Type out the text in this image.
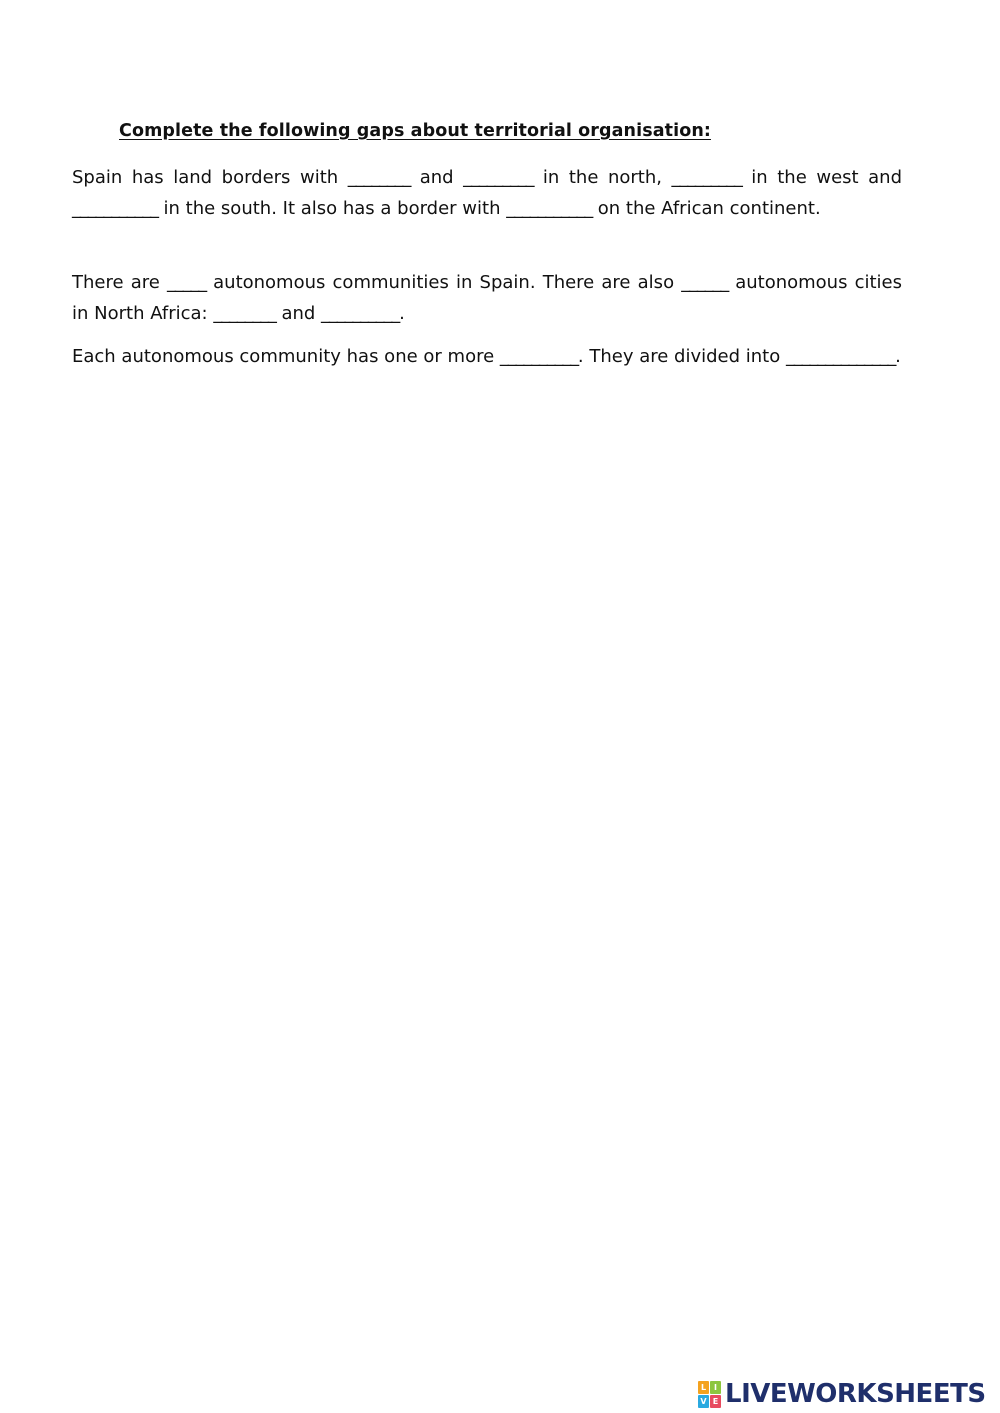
Complete the following gaps about territorial organisation:

Spain has land borders with ________ and _________ in the north, _________ in the west and ___________ in the south. It also has a border with ___________ on the African continent.

There are _____ autonomous communities in Spain. There are also ______ autonomous cities in North Africa: ________ and __________.

Each autonomous community has one or more __________. They are divided into ______________.

L I
V E LIVEWORKSHEETS
